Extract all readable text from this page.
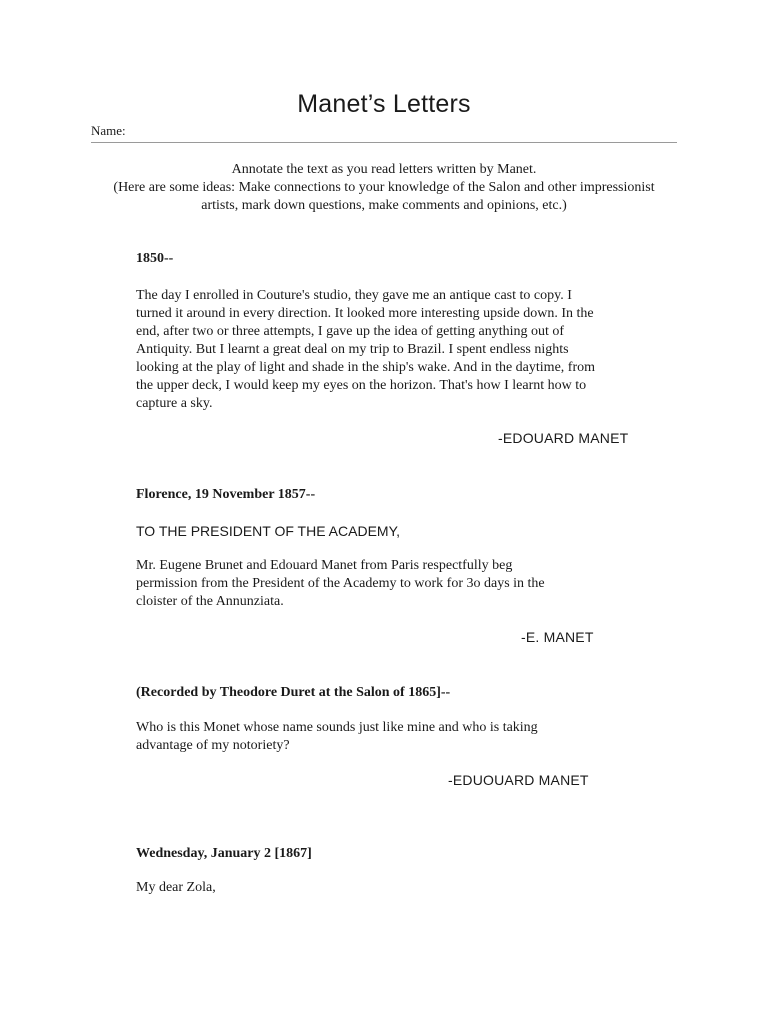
Manet’s Letters
Name:
Annotate the text as you read letters written by Manet.
(Here are some ideas: Make connections to your knowledge of the Salon and other impressionist
artists, mark down questions, make comments and opinions, etc.)
1850--
The day I enrolled in Couture's studio, they gave me an antique cast to copy. I
turned it around in every direction. It looked more interesting upside down. In the
end, after two or three attempts, I gave up the idea of getting anything out of
Antiquity. But I learnt a great deal on my trip to Brazil. I spent endless nights
looking at the play of light and shade in the ship's wake. And in the daytime, from
the upper deck, I would keep my eyes on the horizon. That's how I learnt how to
capture a sky.
-EDOUARD MANET
Florence, 19 November 1857--
TO THE PRESIDENT OF THE ACADEMY,
Mr. Eugene Brunet and Edouard Manet from Paris respectfully beg
permission from the President of the Academy to work for 3o days in the
cloister of the Annunziata.
-E. MANET
(Recorded by Theodore Duret at the Salon of 1865]--
Who is this Monet whose name sounds just like mine and who is taking
advantage of my notoriety?
-EDUOUARD MANET
Wednesday, January 2 [1867]
My dear Zola,
